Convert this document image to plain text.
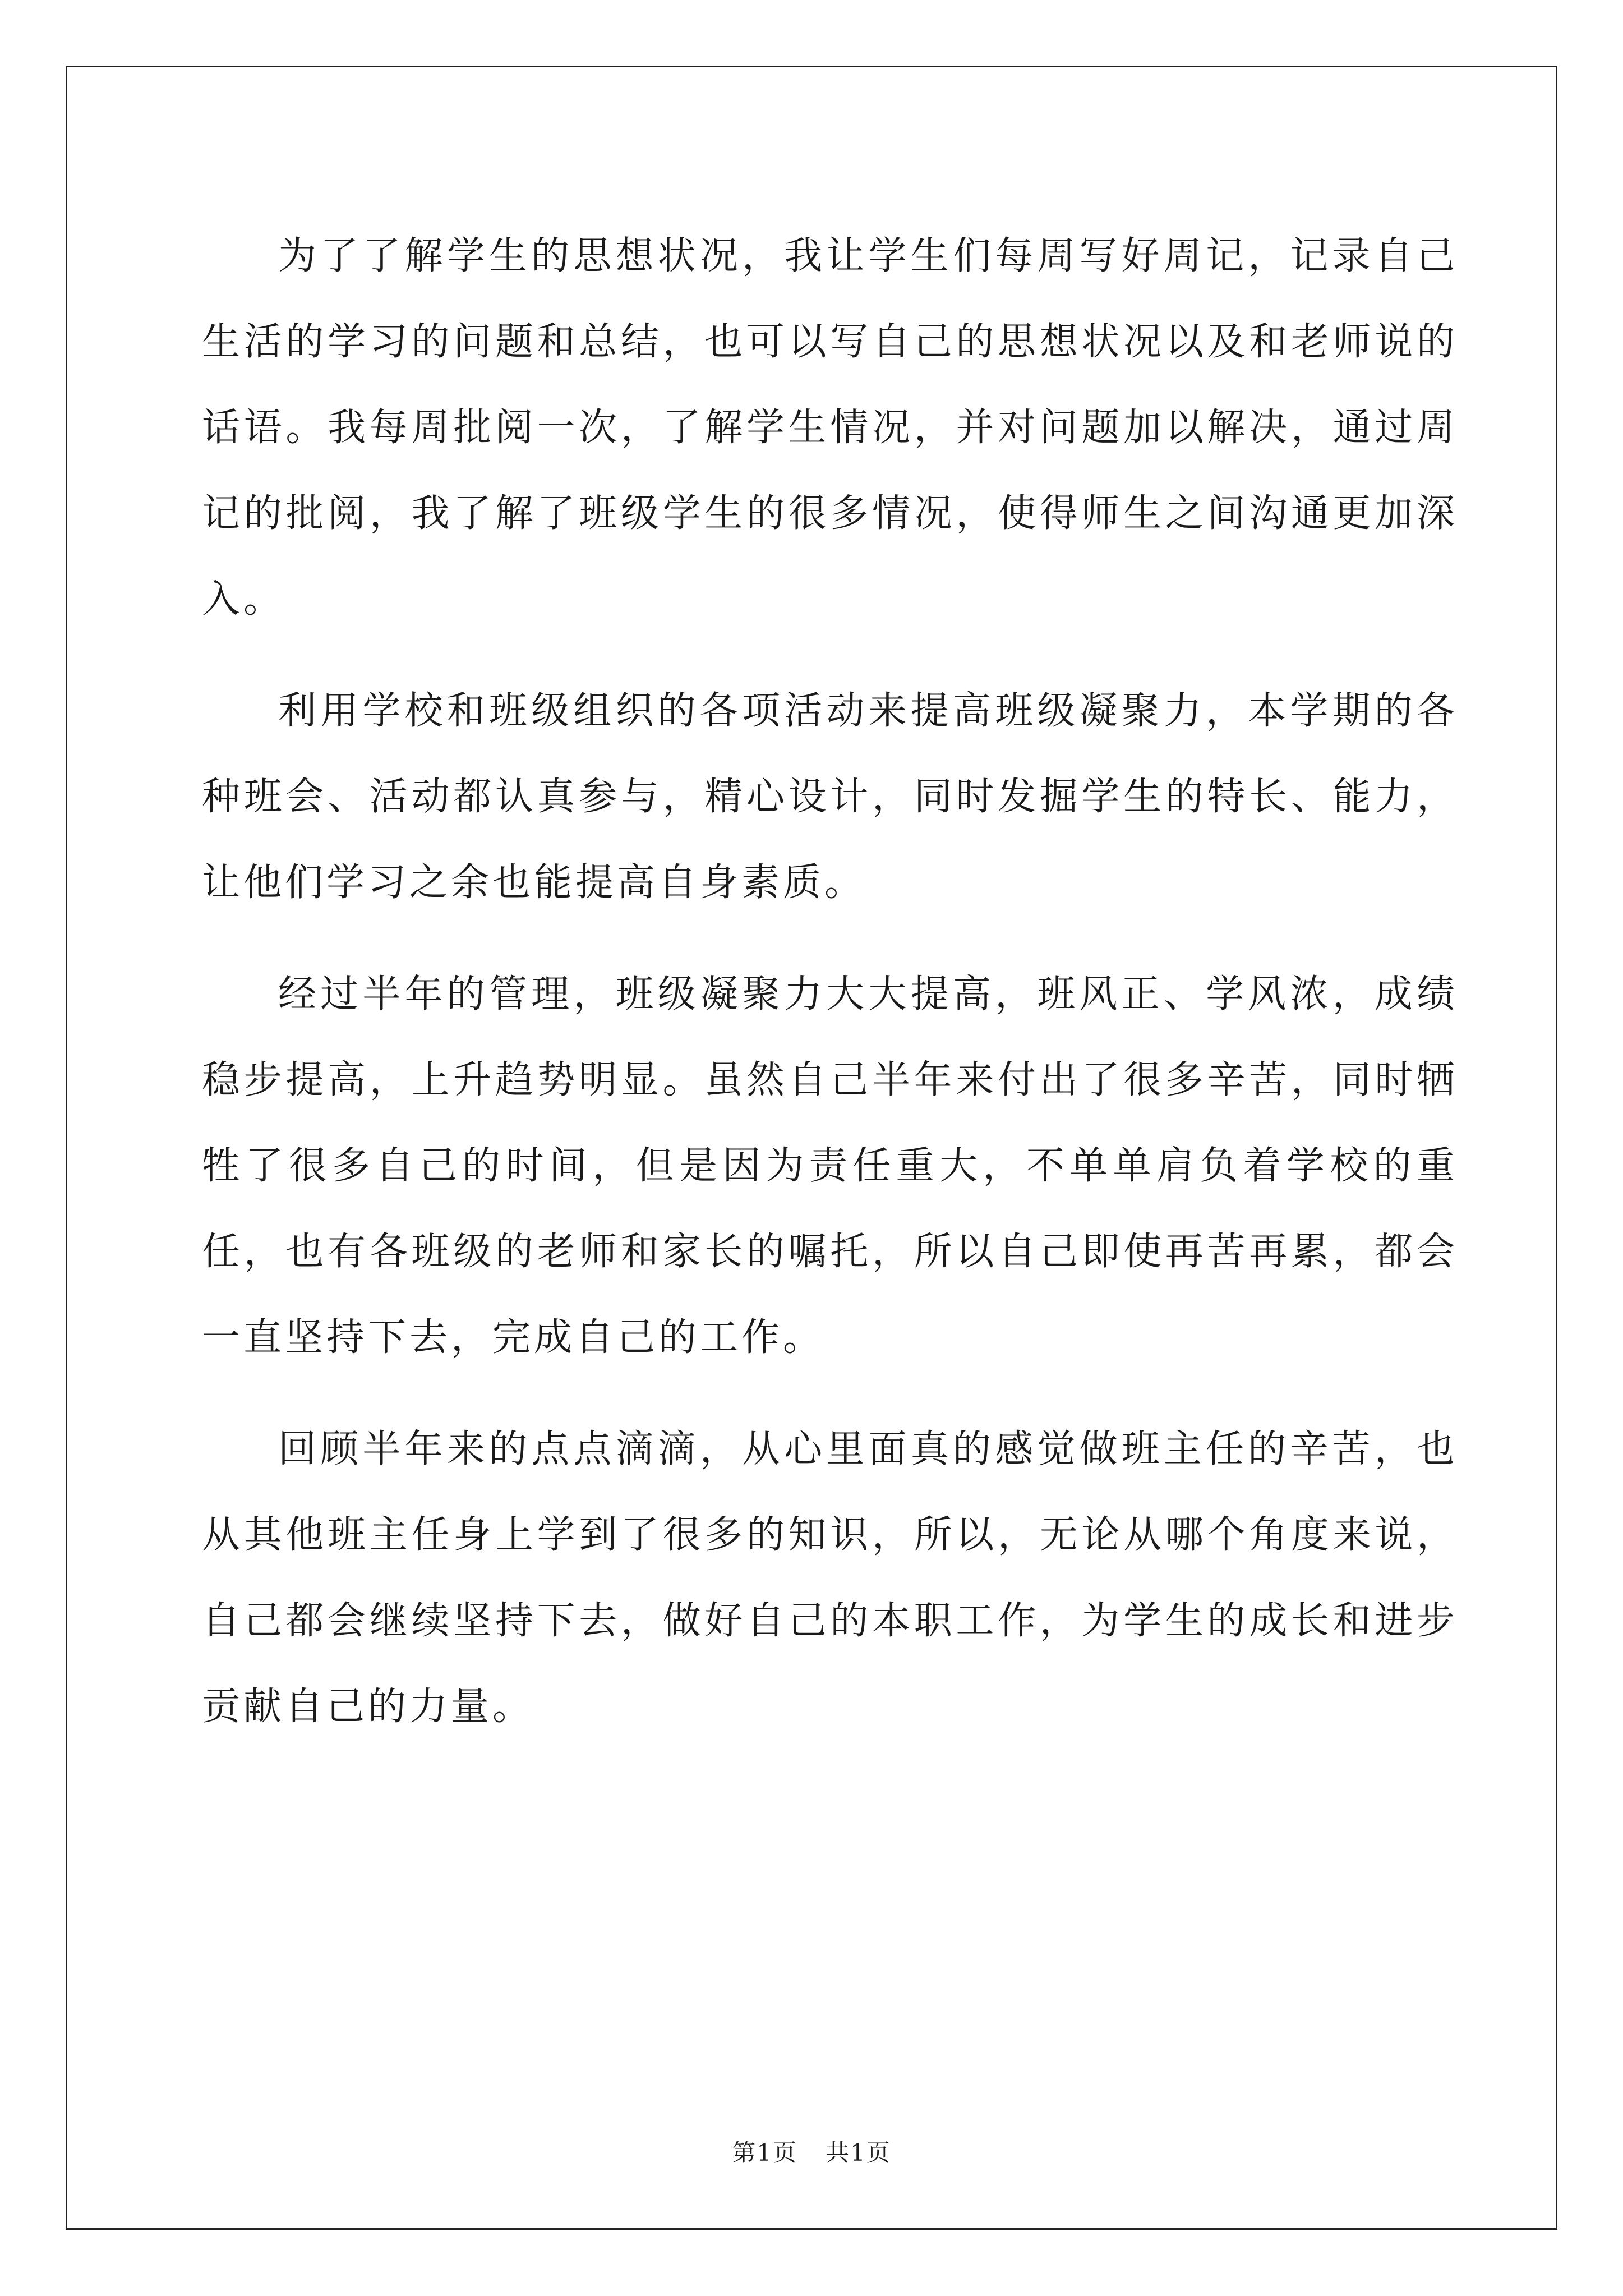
为了了解学生的思想状况，我让学生们每周写好周记，记录自己生活的学习的问题和总结，也可以写自己的思想状况以及和老师说的话语。我每周批阅一次，了解学生情况，并对问题加以解决，通过周记的批阅，我了解了班级学生的很多情况，使得师生之间沟通更加深入。

利用学校和班级组织的各项活动来提高班级凝聚力，本学期的各种班会、活动都认真参与，精心设计，同时发掘学生的特长、能力，让他们学习之余也能提高自身素质。

经过半年的管理，班级凝聚力大大提高，班风正、学风浓，成绩稳步提高，上升趋势明显。虽然自己半年来付出了很多辛苦，同时牺牲了很多自己的时间，但是因为责任重大，不单单肩负着学校的重任，也有各班级的老师和家长的嘱托，所以自己即使再苦再累，都会一直坚持下去，完成自己的工作。

回顾半年来的点点滴滴，从心里面真的感觉做班主任的辛苦，也从其他班主任身上学到了很多的知识，所以，无论从哪个角度来说，自己都会继续坚持下去，做好自己的本职工作，为学生的成长和进步贡献自己的力量。

第1页 共1页
